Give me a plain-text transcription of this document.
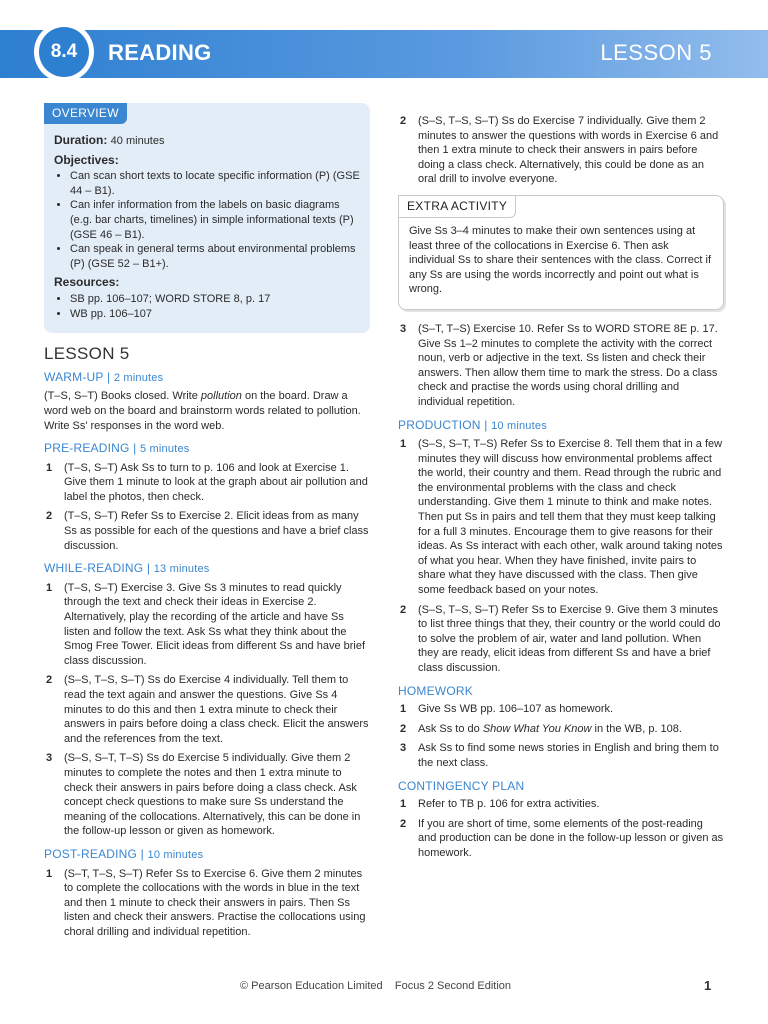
8.4	READING	LESSON 5
OVERVIEW
Duration: 40 minutes
Objectives:
• Can scan short texts to locate specific information (P) (GSE 44 – B1).
• Can infer information from the labels on basic diagrams (e.g. bar charts, timelines) in simple informational texts (P) (GSE 46 – B1).
• Can speak in general terms about environmental problems (P) (GSE 52 – B1+).
Resources:
• SB pp. 106–107; WORD STORE 8, p. 17
• WB pp. 106–107
LESSON 5
WARM-UP | 2 minutes

(T–S, S–T) Books closed. Write pollution on the board. Draw a word web on the board and brainstorm words related to pollution. Write Ss' responses in the word web.

PRE-READING | 5 minutes
1 (T–S, S–T) Ask Ss to turn to p. 106 and look at Exercise 1. Give them 1 minute to look at the graph about air pollution and label the photos, then check.
2 (T–S, S–T) Refer Ss to Exercise 2. Elicit ideas from as many Ss as possible for each of the questions and have a brief class discussion.
WHILE-READING | 13 minutes
1 (T–S, S–T) Exercise 3. Give Ss 3 minutes to read quickly through the text and check their ideas in Exercise 2. Alternatively, play the recording of the article and have Ss listen and follow the text. Ask Ss what they think about the Smog Free Tower. Elicit ideas from different Ss and have brief class discussion.
2 (S–S, T–S, S–T) Ss do Exercise 4 individually. Tell them to read the text again and answer the questions. Give Ss 4 minutes to do this and then 1 extra minute to check their answers in pairs before doing a class check. Elicit the answers and the references from the text.
3 (S–S, S–T, T–S) Ss do Exercise 5 individually. Give them 2 minutes to complete the notes and then 1 extra minute to check their answers in pairs before doing a class check. Ask concept check questions to make sure Ss understand the meaning of the collocations. Alternatively, this can be done in the follow-up lesson or given as homework.
POST-READING | 10 minutes
1 (S–T, T–S, S–T) Refer Ss to Exercise 6. Give them 2 minutes to complete the collocations with the words in blue in the text and then 1 minute to check their answers in pairs. Then Ss listen and check their answers. Practise the collocations using choral drilling and individual repetition.
2 (S–S, T–S, S–T) Ss do Exercise 7 individually. Give them 2 minutes to answer the questions with words in Exercise 6 and then 1 extra minute to check their answers in pairs before doing a class check. Alternatively, this could be done as an oral drill to involve everyone.
EXTRA ACTIVITY

Give Ss 3–4 minutes to make their own sentences using at least three of the collocations in Exercise 6. Then ask individual Ss to share their sentences with the class. Correct if any Ss are using the words incorrectly and point out what is wrong.

3 (S–T, T–S) Exercise 10. Refer Ss to WORD STORE 8E p. 17. Give Ss 1–2 minutes to complete the activity with the correct noun, verb or adjective in the text. Ss listen and check their answers. Then allow them time to mark the stress. Do a class check and practise the words using choral drilling and individual repetition.
PRODUCTION | 10 minutes
1 (S–S, S–T, T–S) Refer Ss to Exercise 8. Tell them that in a few minutes they will discuss how environmental problems affect the world, their country and them. Read through the rubric and the environmental problems with the class and check understanding. Give them 1 minute to think and make notes. Then put Ss in pairs and tell them that they must keep talking for a full 3 minutes. Encourage them to give reasons for their ideas. As Ss interact with each other, walk around taking notes of what you hear. When they have finished, invite pairs to share what they have discussed with the class. Then give some feedback based on your notes.
2 (S–S, T–S, S–T) Refer Ss to Exercise 9. Give them 3 minutes to list three things that they, their country or the world could do to solve the problem of air, water and land pollution. When they are ready, elicit ideas from different Ss and have a brief class discussion.
HOMEWORK
1 Give Ss WB pp. 106–107 as homework.
2 Ask Ss to do Show What You Know in the WB, p. 108.
3 Ask Ss to find some news stories in English and bring them to the next class.
CONTINGENCY PLAN
1 Refer to TB p. 106 for extra activities.
2 If you are short of time, some elements of the post-reading and production can be done in the follow-up lesson or given as homework.
© Pearson Education Limited    Focus 2 Second Edition	1
